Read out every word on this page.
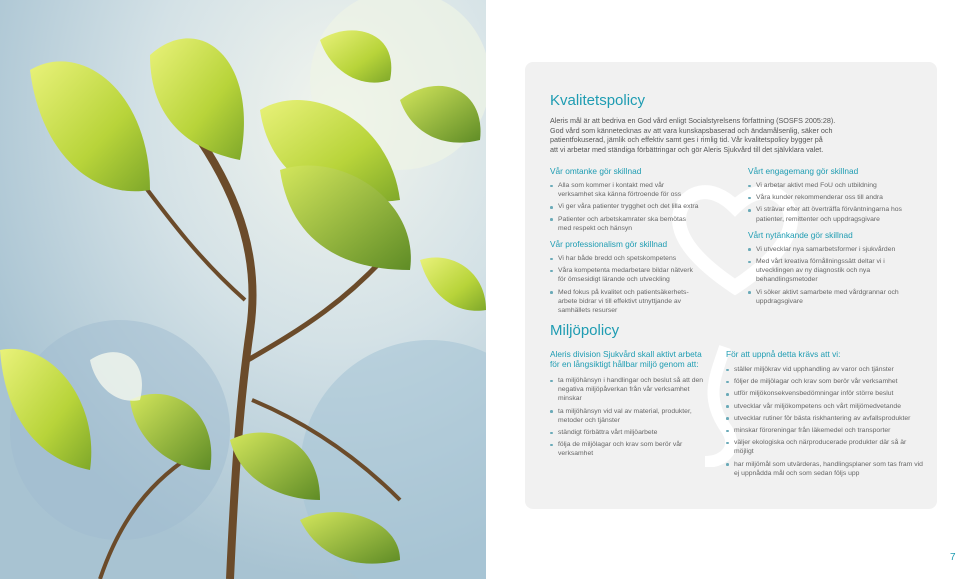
Kvalitetspolicy

Aleris mål är att bedriva en God vård enligt Socialstyrelsens författning (SOSFS 2005:28).

God vård som kännetecknas av att vara kunskapsbaserad och ändamålsenlig, säker och

patientfokuserad, jämlik och effektiv samt ges i rimlig tid. Vår kvalitetspolicy bygger på

att vi arbetar med ständiga förbättringar och gör Aleris Sjukvård till det självklara valet.

Vår omtanke gör skillnad
Alla som kommer i kontakt med vår verksamhet ska känna förtroende för oss
Vi ger våra patienter trygghet och det lilla extra
Patienter och arbetskamrater ska bemötas med respekt och hänsyn
Vår professionalism gör skillnad
Vi har både bredd och spetskompetens
Våra kompetenta medarbetare bildar nätverk för ömsesidigt lärande och utveckling
Med fokus på kvalitet och patientsäkerhets-arbete bidrar vi till effektivt utnyttjande av samhällets resurser
Vårt engagemang gör skillnad
Vi arbetar aktivt med FoU och utbildning
Våra kunder rekommenderar oss till andra
Vi strävar efter att överträffa förväntningarna hos patienter, remittenter och uppdragsgivare
Vårt nytänkande gör skillnad
Vi utvecklar nya samarbetsformer i sjukvården
Med vårt kreativa förnållningssätt deltar vi i utvecklingen av ny diagnostik och nya behandlingsmetoder
Vi söker aktivt samarbete med vårdgrannar och uppdragsgivare
Miljöpolicy
Aleris division Sjukvård skall aktivt arbeta för en långsiktigt hållbar miljö genom att:
ta miljöhänsyn i handlingar och beslut så att den negativa miljöpåverkan från vår verksamhet minskar
ta miljöhänsyn vid val av material, produkter, metoder och tjänster
ständigt förbättra vårt miljöarbete
följa de miljölagar och krav som berör vår verksamhet
För att uppnå detta krävs att vi:
ställer miljökrav vid upphandling av varor och tjänster
följer de miljölagar och krav som berör vår verksamhet
utför miljökonsekvensbedömningar inför större beslut
utvecklar vår miljökompetens och vårt miljömedvetande
utvecklar rutiner för bästa riskhantering av avfallsprodukter
minskar föroreningar från läkemedel och transporter
väljer ekologiska och närproducerade produkter där så är möjligt
har miljömål som utvärderas, handlingsplaner som tas fram vid ej uppnådda mål och som sedan följs upp
7
